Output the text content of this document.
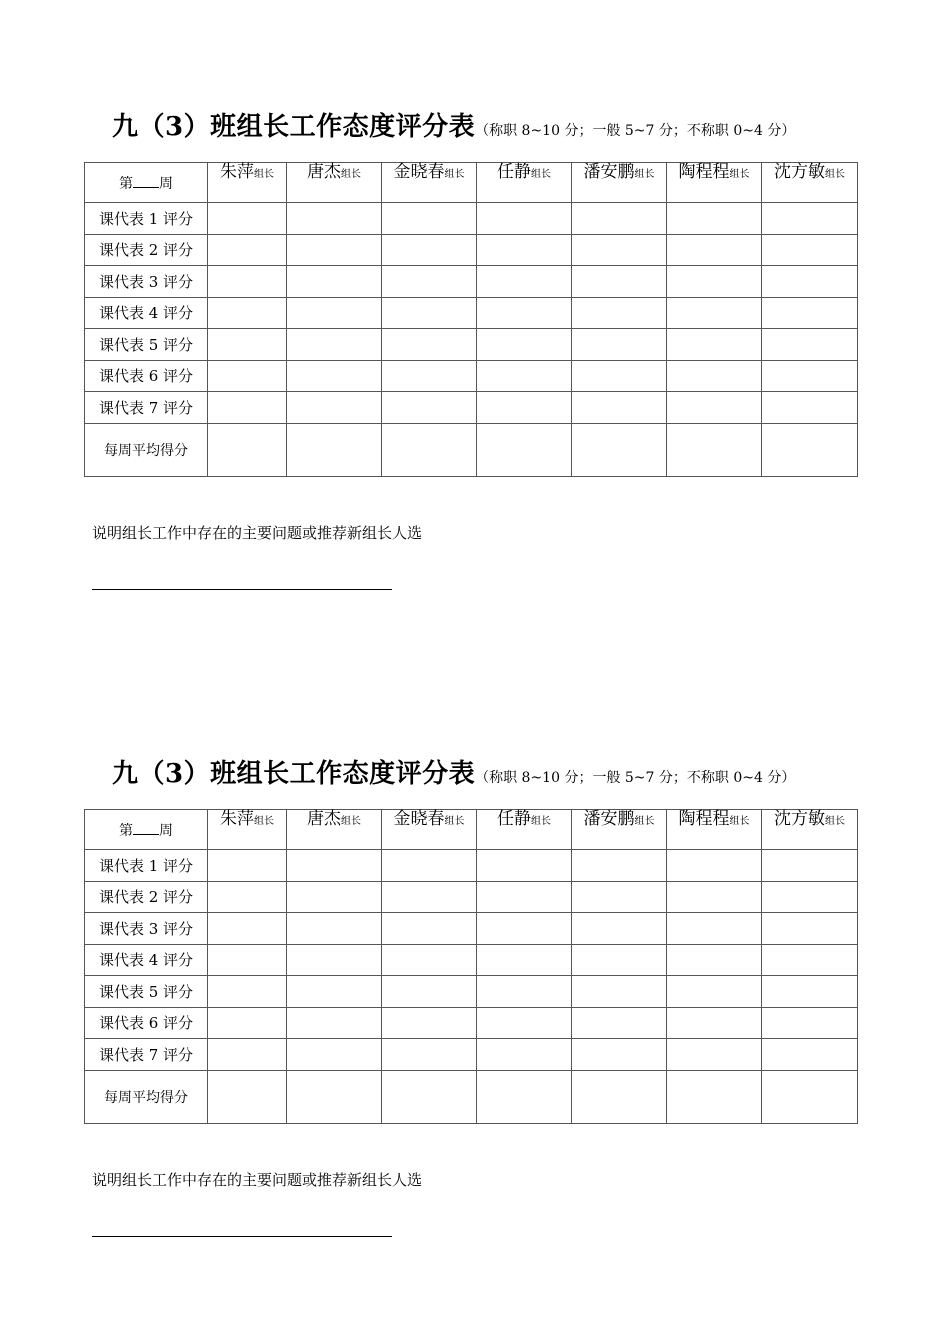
九（3）班组长工作态度评分表（称职 8~10 分；一般 5~7 分；不称职 0~4 分）
第 周	朱萍组长	唐杰组长	金晓春组长	任静组长	潘安鹏组长	陶程程组长	沈方敏组长
课代表 1 评分							
课代表 2 评分							
课代表 3 评分							
课代表 4 评分							
课代表 5 评分							
课代表 6 评分							
课代表 7 评分							
每周平均得分							
说明组长工作中存在的主要问题或推荐新组长人选
九（3）班组长工作态度评分表（称职 8~10 分；一般 5~7 分；不称职 0~4 分）
第 周	朱萍组长	唐杰组长	金晓春组长	任静组长	潘安鹏组长	陶程程组长	沈方敏组长
课代表 1 评分							
课代表 2 评分							
课代表 3 评分							
课代表 4 评分							
课代表 5 评分							
课代表 6 评分							
课代表 7 评分							
每周平均得分							
说明组长工作中存在的主要问题或推荐新组长人选
